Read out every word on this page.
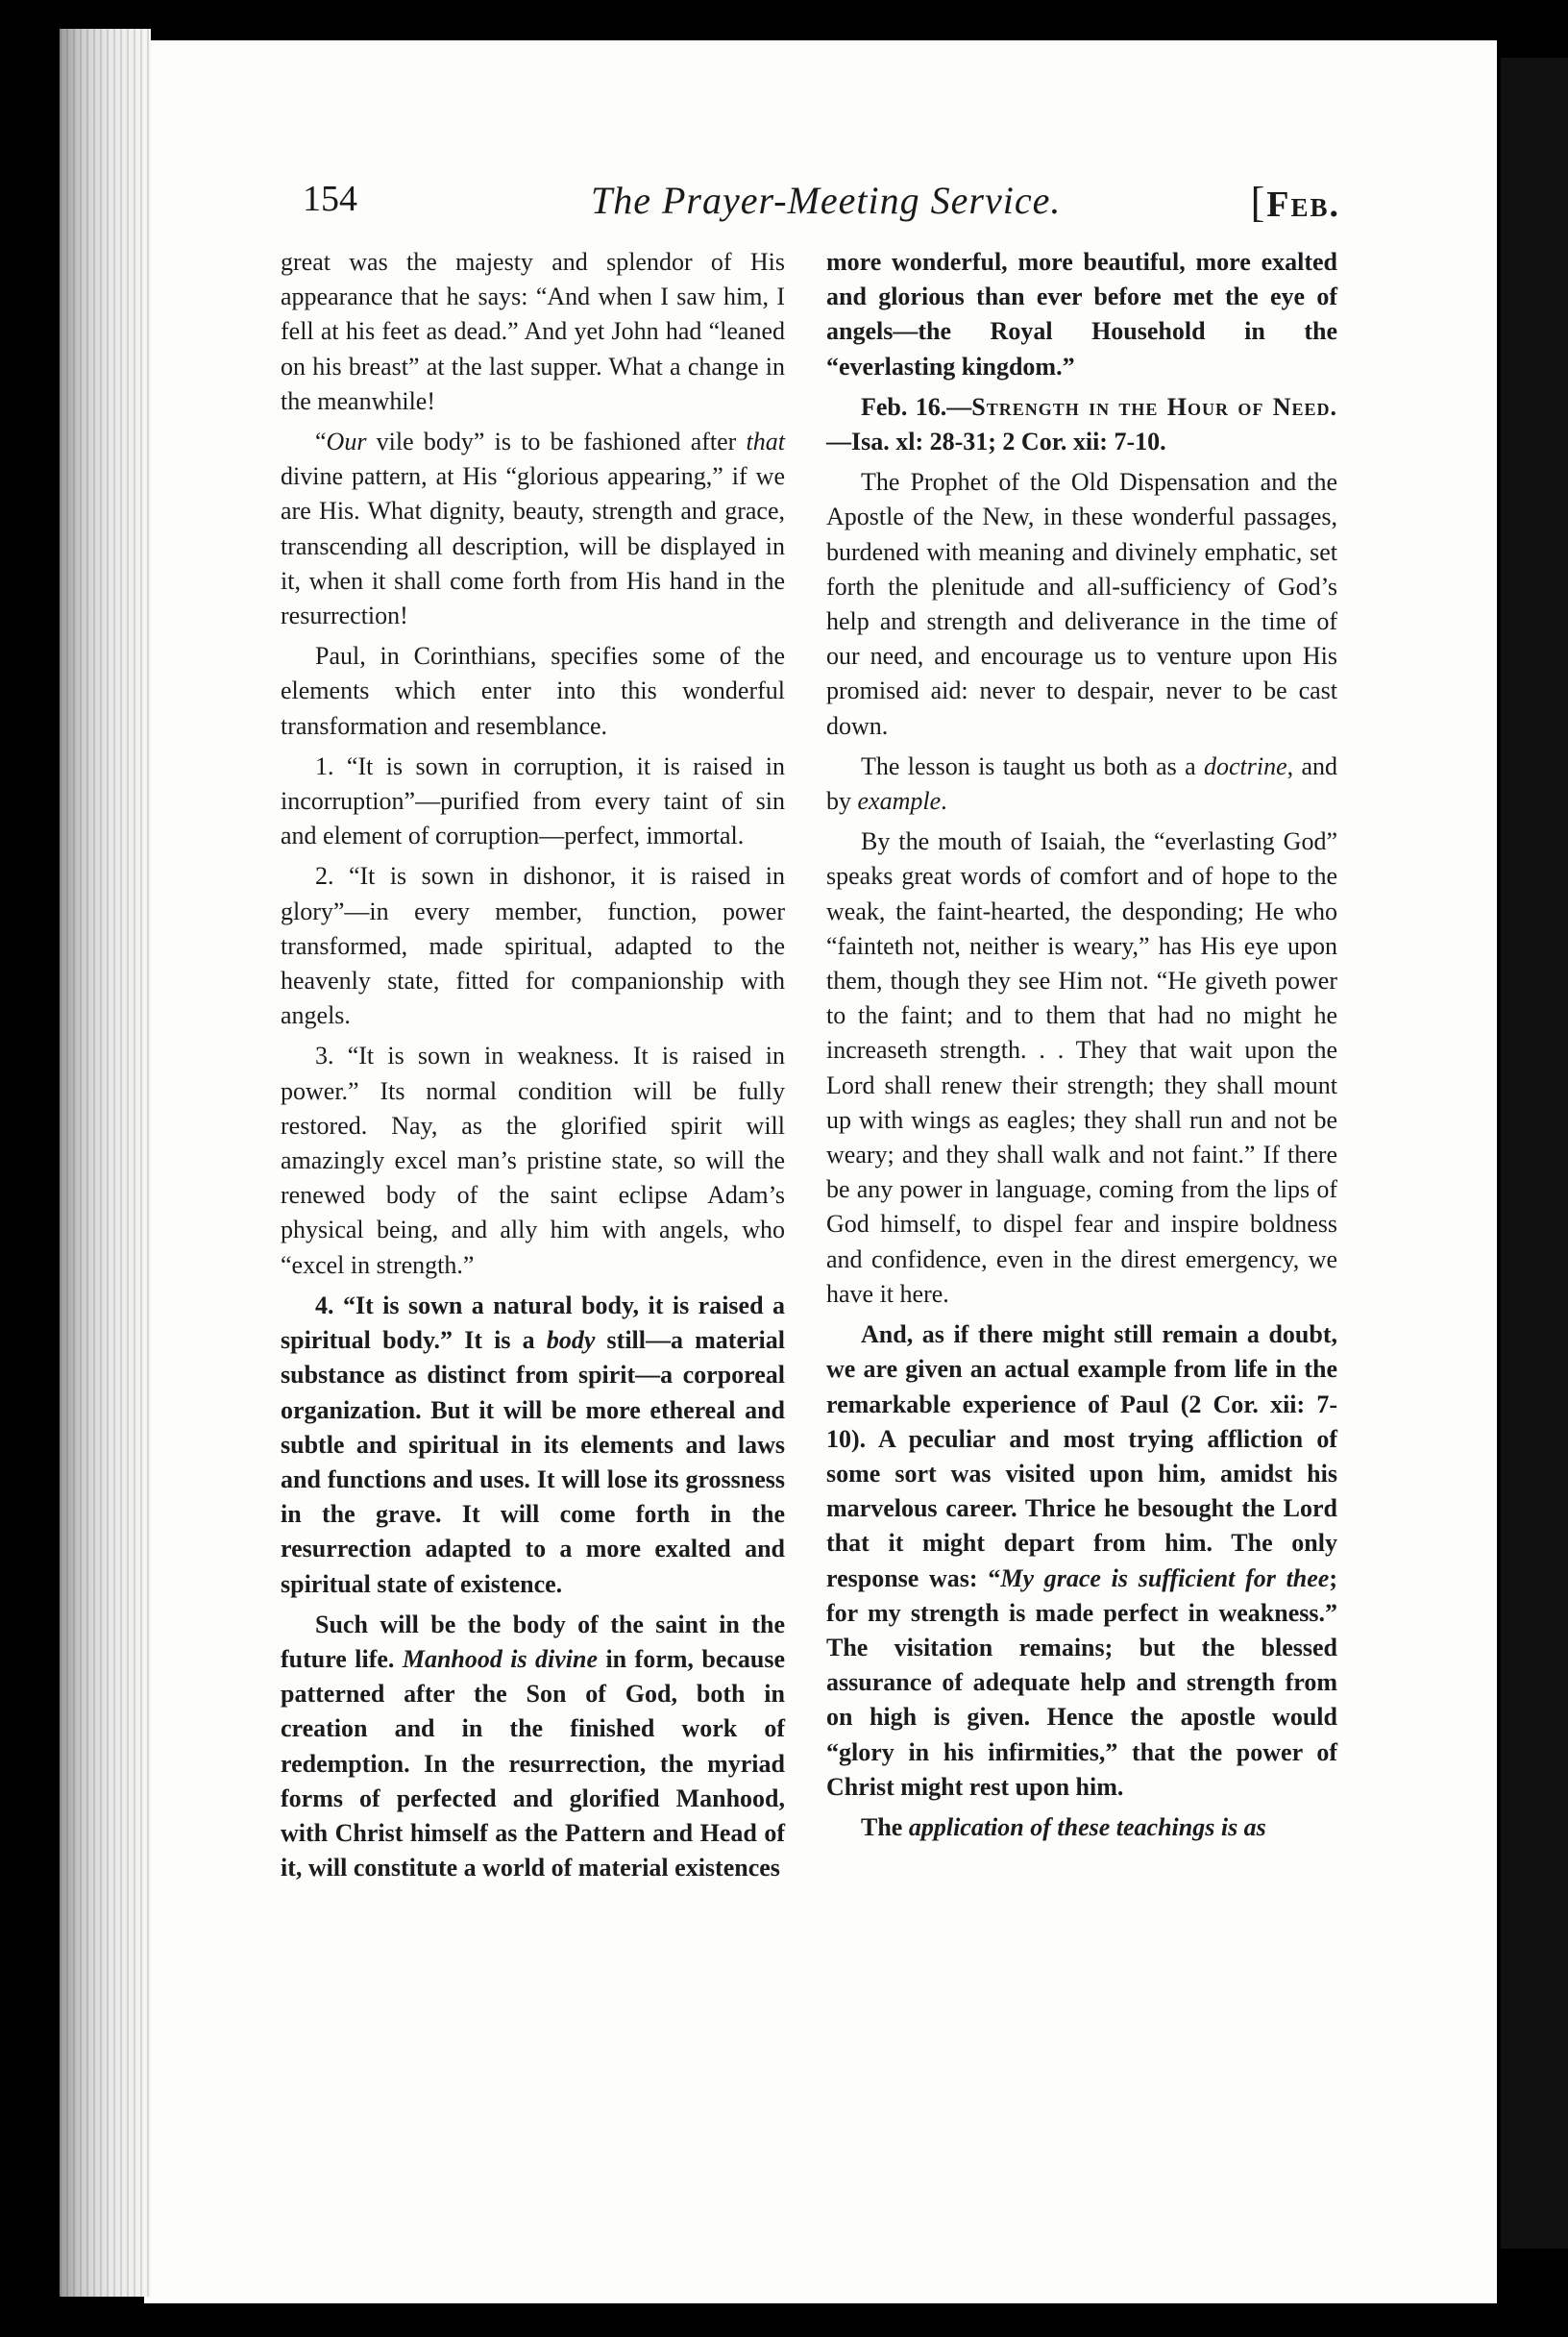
154	The Prayer-Meeting Service.	[Feb.

great was the majesty and splendor of His appearance that he says: “And when I saw him, I fell at his feet as dead.” And yet John had “leaned on his breast” at the last supper. What a change in the meanwhile!

“Our vile body” is to be fashioned after that divine pattern, at His “glorious appearing,” if we are His. What dignity, beauty, strength and grace, transcending all description, will be displayed in it, when it shall come forth from His hand in the resurrection!

Paul, in Corinthians, specifies some of the elements which enter into this wonderful transformation and resemblance.

1. “It is sown in corruption, it is raised in incorruption”—purified from every taint of sin and element of corruption—perfect, immortal.

2. “It is sown in dishonor, it is raised in glory”—in every member, function, power transformed, made spiritual, adapted to the heavenly state, fitted for companionship with angels.

3. “It is sown in weakness. It is raised in power.” Its normal condition will be fully restored. Nay, as the glorified spirit will amazingly excel man’s pristine state, so will the renewed body of the saint eclipse Adam’s physical being, and ally him with angels, who “excel in strength.”

4. “It is sown a natural body, it is raised a spiritual body.” It is a body still—a material substance as distinct from spirit—a corporeal organization. But it will be more ethereal and subtle and spiritual in its elements and laws and functions and uses. It will lose its grossness in the grave. It will come forth in the resurrection adapted to a more exalted and spiritual state of existence.

Such will be the body of the saint in the future life. Manhood is divine in form, because patterned after the Son of God, both in creation and in the finished work of redemption. In the resurrection, the myriad forms of perfected and glorified Manhood, with Christ himself as the Pattern and Head of it, will constitute a world of material existences

more wonderful, more beautiful, more exalted and glorious than ever before met the eye of angels—the Royal Household in the “everlasting kingdom.”

Feb. 16.—Strength in the Hour of Need.—Isa. xl: 28-31; 2 Cor. xii: 7-10.

The Prophet of the Old Dispensation and the Apostle of the New, in these wonderful passages, burdened with meaning and divinely emphatic, set forth the plenitude and all-sufficiency of God’s help and strength and deliverance in the time of our need, and encourage us to venture upon His promised aid: never to despair, never to be cast down.

The lesson is taught us both as a doctrine, and by example.

By the mouth of Isaiah, the “everlasting God” speaks great words of comfort and of hope to the weak, the faint-hearted, the desponding; He who “fainteth not, neither is weary,” has His eye upon them, though they see Him not. “He giveth power to the faint; and to them that had no might he increaseth strength. . . They that wait upon the Lord shall renew their strength; they shall mount up with wings as eagles; they shall run and not be weary; and they shall walk and not faint.” If there be any power in language, coming from the lips of God himself, to dispel fear and inspire boldness and confidence, even in the direst emergency, we have it here.

And, as if there might still remain a doubt, we are given an actual example from life in the remarkable experience of Paul (2 Cor. xii: 7-10). A peculiar and most trying affliction of some sort was visited upon him, amidst his marvelous career. Thrice he besought the Lord that it might depart from him. The only response was: “My grace is sufficient for thee; for my strength is made perfect in weakness.” The visitation remains; but the blessed assurance of adequate help and strength from on high is given. Hence the apostle would “glory in his infirmities,” that the power of Christ might rest upon him.

The application of these teachings is as
